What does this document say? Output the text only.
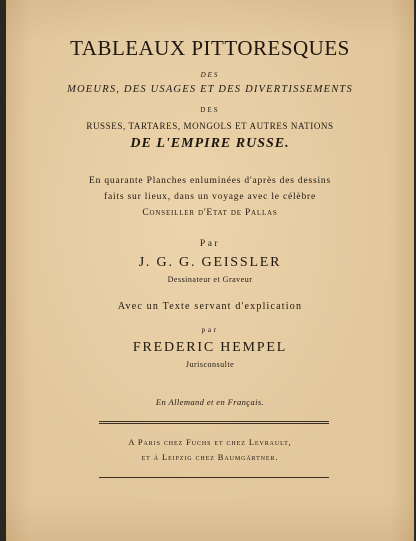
TABLEAUX PITTORESQUES
DES
MOEURS, DES USAGES ET DES DIVERTISSEMENTS
DES
RUSSES, TARTARES, MONGOLS ET AUTRES NATIONS
DE L'EMPIRE RUSSE.
En quarante Planches enluminées d'après des dessins
faits sur lieux, dans un voyage avec le célèbre
Conseiller d'Etat de Pallas
Par
J. G. G. GEISSLER
Dessinateur et Graveur
Avec un Texte servant d'explication
par
FREDERIC HEMPEL
Jurisconsulte
En Allemand et en Français.
A Paris chez Fuchs et chez Levrault,
et à Leipzig chez Baumgärtner.
